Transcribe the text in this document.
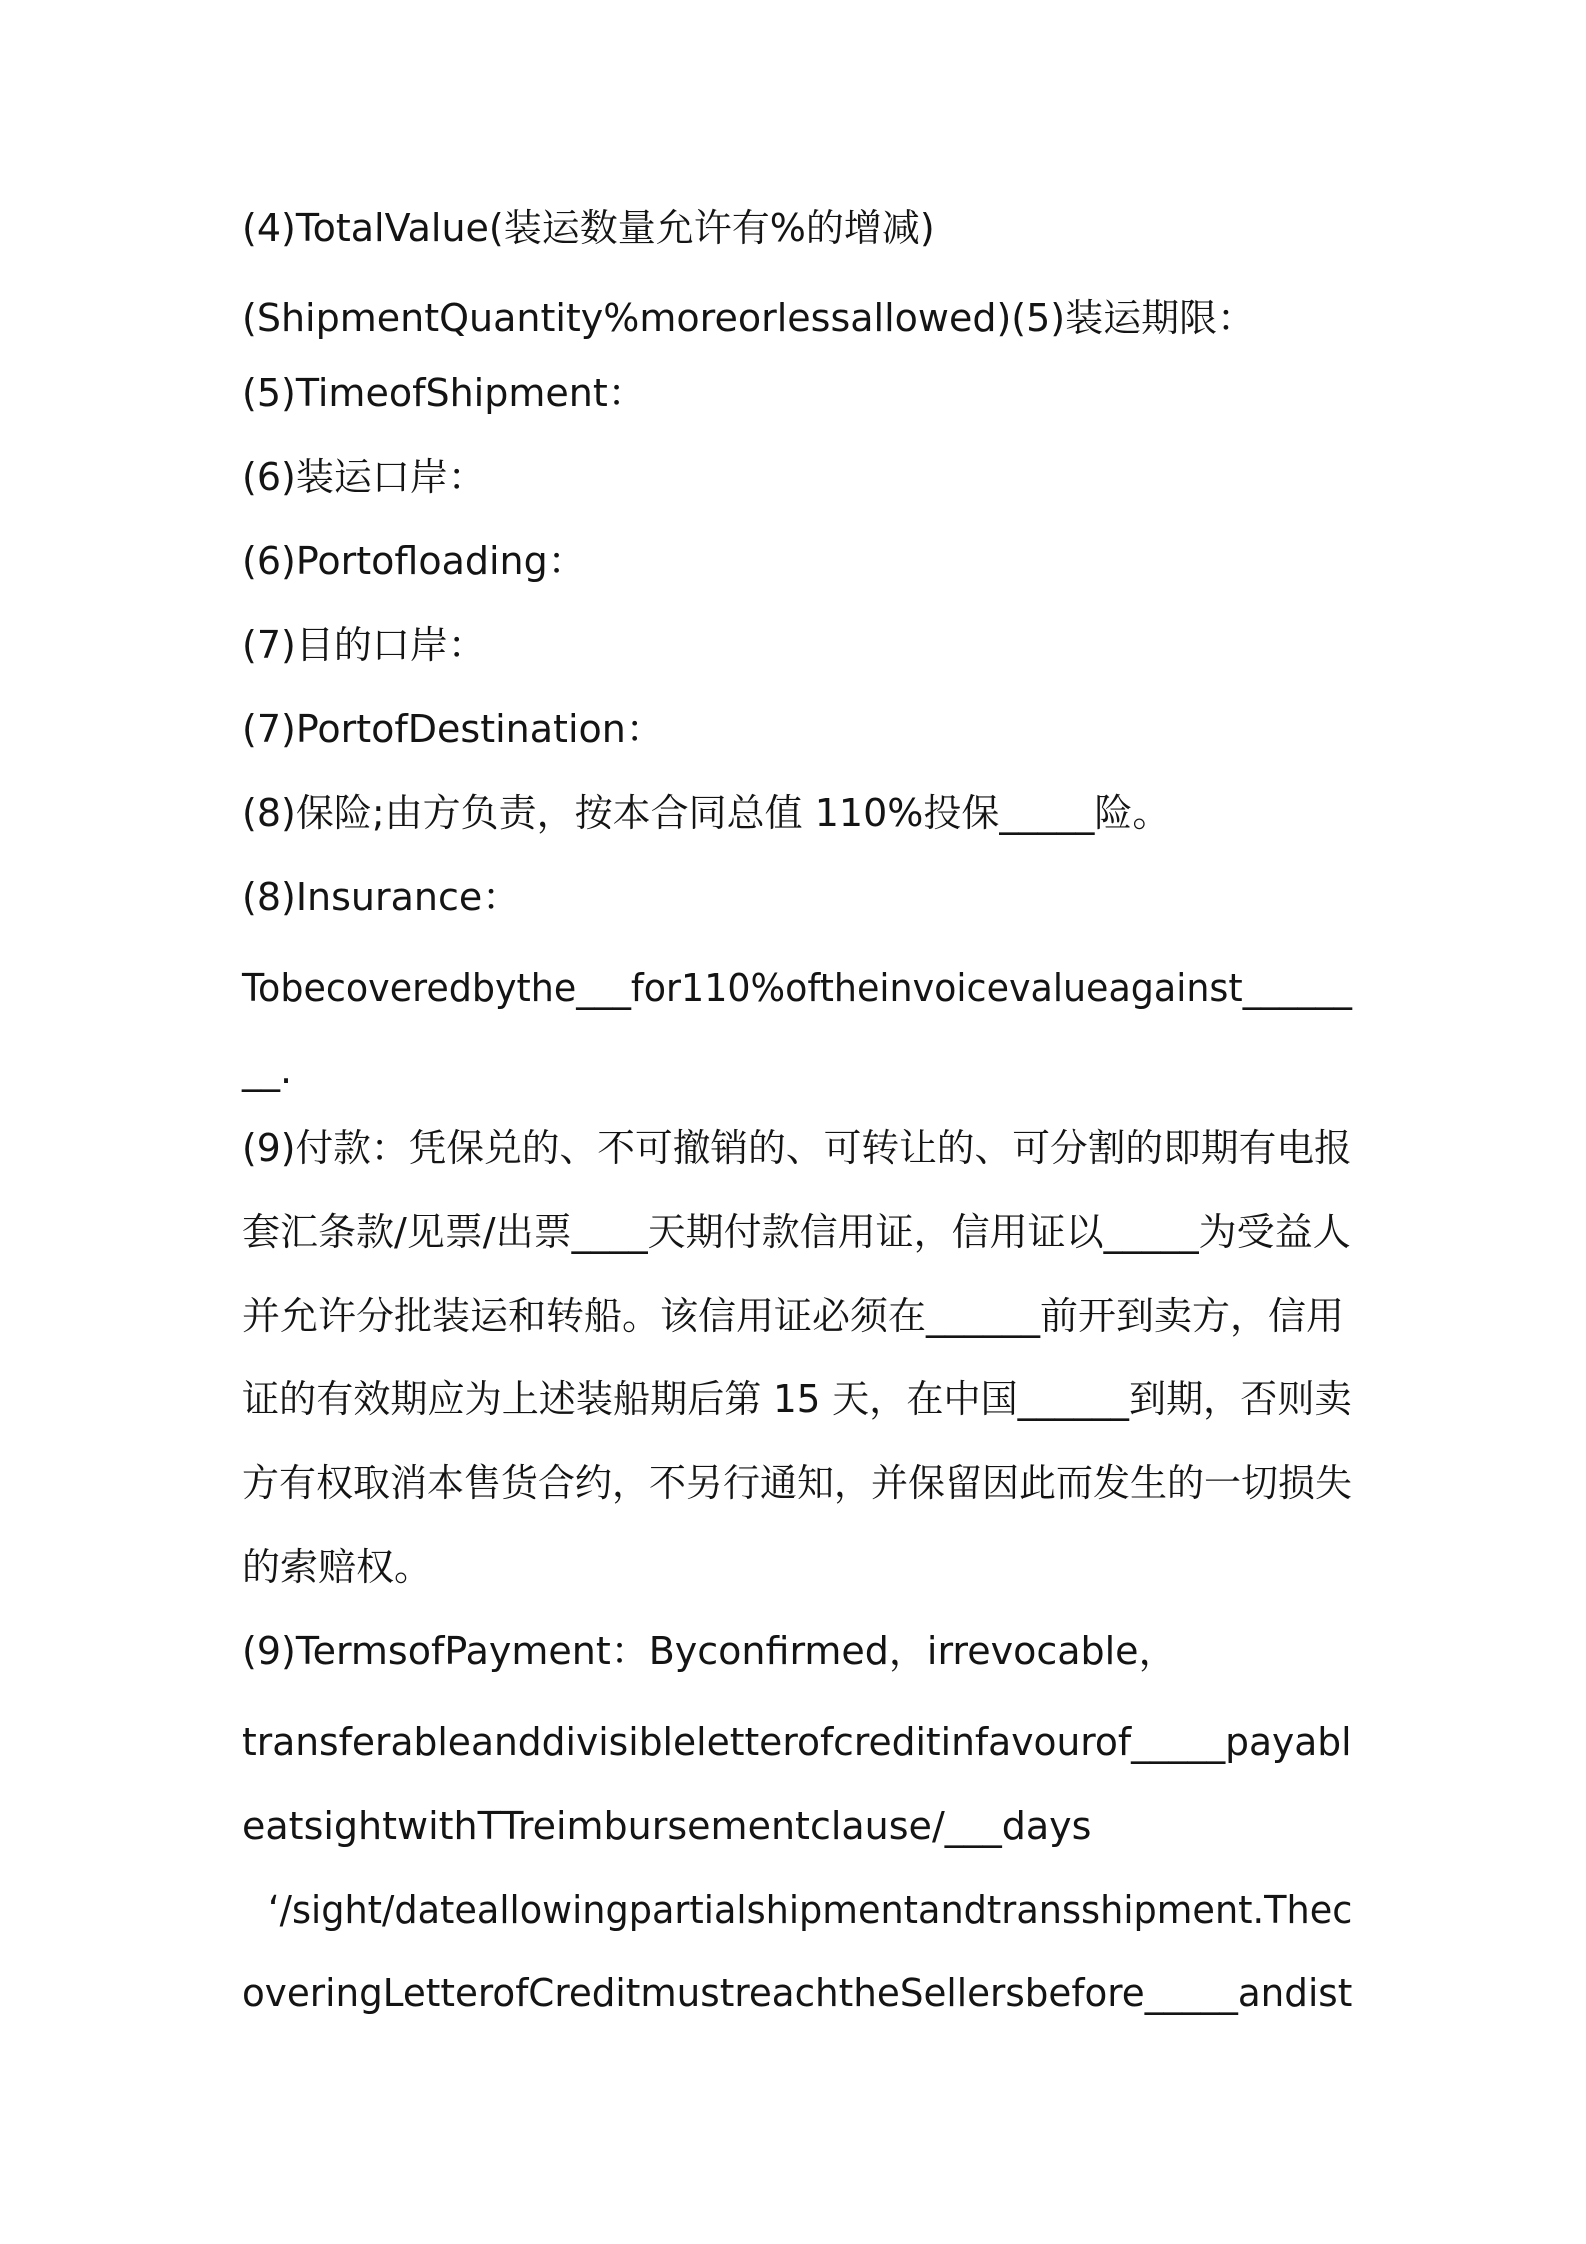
(4)TotalValue(装运数量允许有%的增减)
(ShipmentQuantity%moreorlessallowed)(5)装运期限：
(5)TimeofShipment：
(6)装运口岸：
(6)Portofloading：
(7)目的口岸：
(7)PortofDestination：
(8)保险;由方负责，按本合同总值 110%投保_____险。
(8)Insurance：
Tobecoveredbythe___for110%oftheinvoicevalueagainst______
__.
(9)付款：凭保兑的、不可撤销的、可转让的、可分割的即期有电报
套汇条款/见票/出票____天期付款信用证，信用证以_____为受益人
并允许分批装运和转船。该信用证必须在______前开到卖方，信用
证的有效期应为上述装船期后第 15 天，在中国______到期，否则卖
方有权取消本售货合约，不另行通知，并保留因此而发生的一切损失
的索赔权。
(9)TermsofPayment：Byconfirmed，irrevocable，
transferableanddivisibleletterofcreditinfavourof_____payabl
eatsightwithTTreimbursementclause/___days
‘/sight/dateallowingpartialshipmentandtransshipment.Thec
overingLetterofCreditmustreachtheSellersbefore_____andist
